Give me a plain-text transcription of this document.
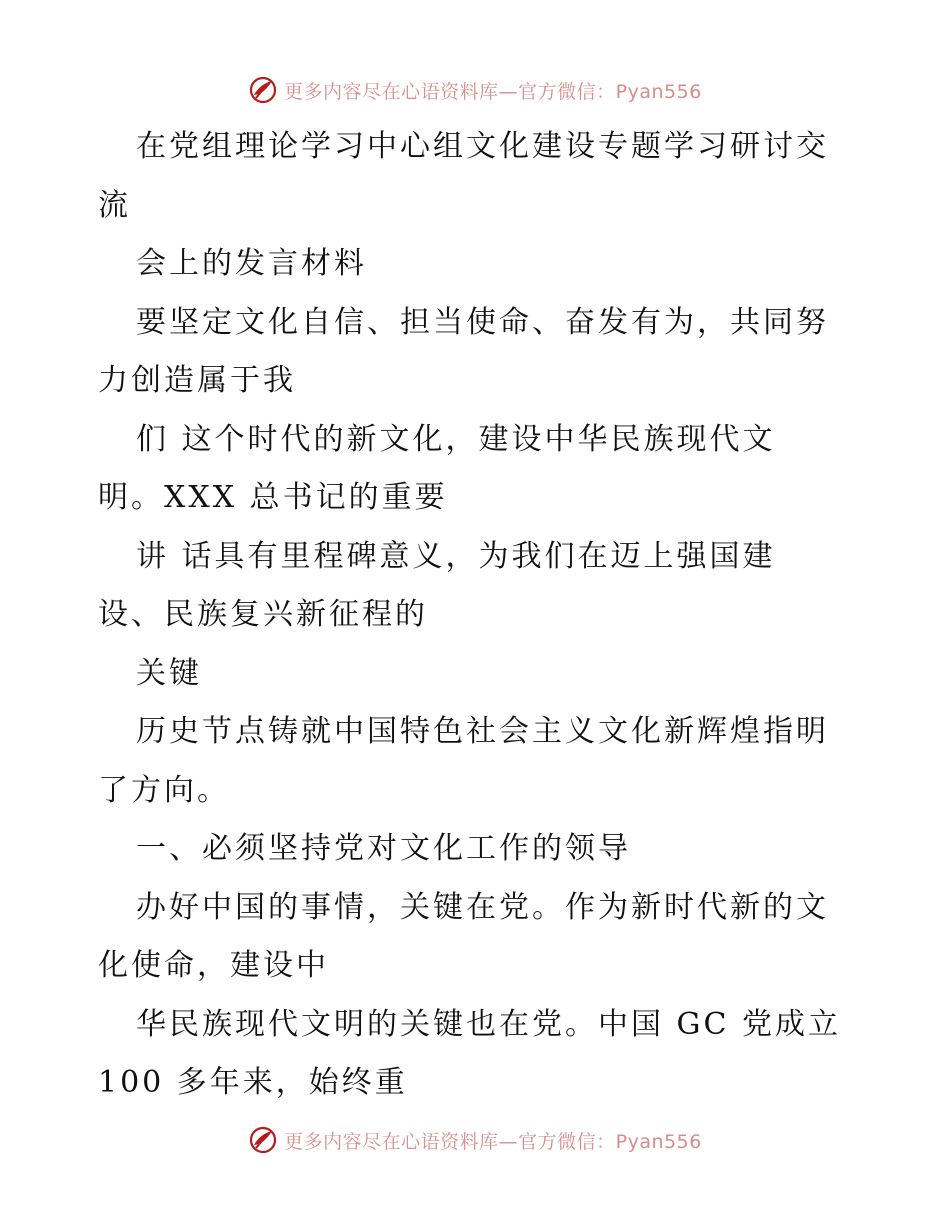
更多内容尽在心语资料库—官方微信：Pyan556
在党组理论学习中心组文化建设专题学习研讨交
流
会上的发言材料
要坚定文化自信、担当使命、奋发有为，共同努
力创造属于我
们 这个时代的新文化，建设中华民族现代文
明。XXX 总书记的重要
讲 话具有里程碑意义，为我们在迈上强国建
设、民族复兴新征程的
关键
历史节点铸就中国特色社会主义文化新辉煌指明
了方向。
一、必须坚持党对文化工作的领导
办好中国的事情，关键在党。作为新时代新的文
化使命，建设中
华民族现代文明的关键也在党。中国 GC 党成立
100 多年来，始终重
更多内容尽在心语资料库—官方微信：Pyan556
